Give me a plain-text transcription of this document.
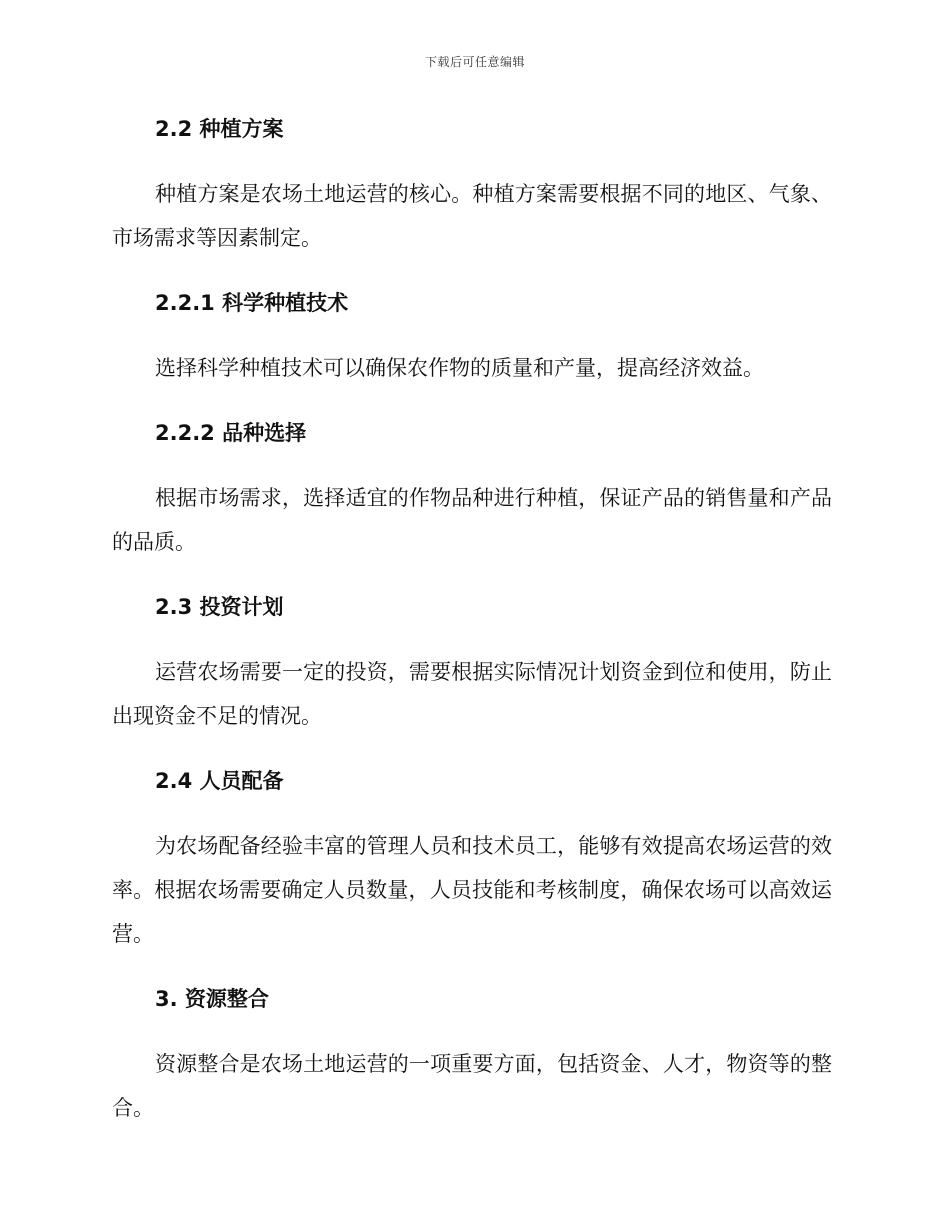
下载后可任意编辑
2.2 种植方案

种植方案是农场土地运营的核心。种植方案需要根据不同的地区、气象、市场需求等因素制定。

2.2.1 科学种植技术

选择科学种植技术可以确保农作物的质量和产量，提高经济效益。

2.2.2 品种选择

根据市场需求，选择适宜的作物品种进行种植，保证产品的销售量和产品的品质。

2.3 投资计划

运营农场需要一定的投资，需要根据实际情况计划资金到位和使用，防止出现资金不足的情况。

2.4 人员配备

为农场配备经验丰富的管理人员和技术员工，能够有效提高农场运营的效率。根据农场需要确定人员数量，人员技能和考核制度，确保农场可以高效运营。

3. 资源整合

资源整合是农场土地运营的一项重要方面，包括资金、人才，物资等的整合。
